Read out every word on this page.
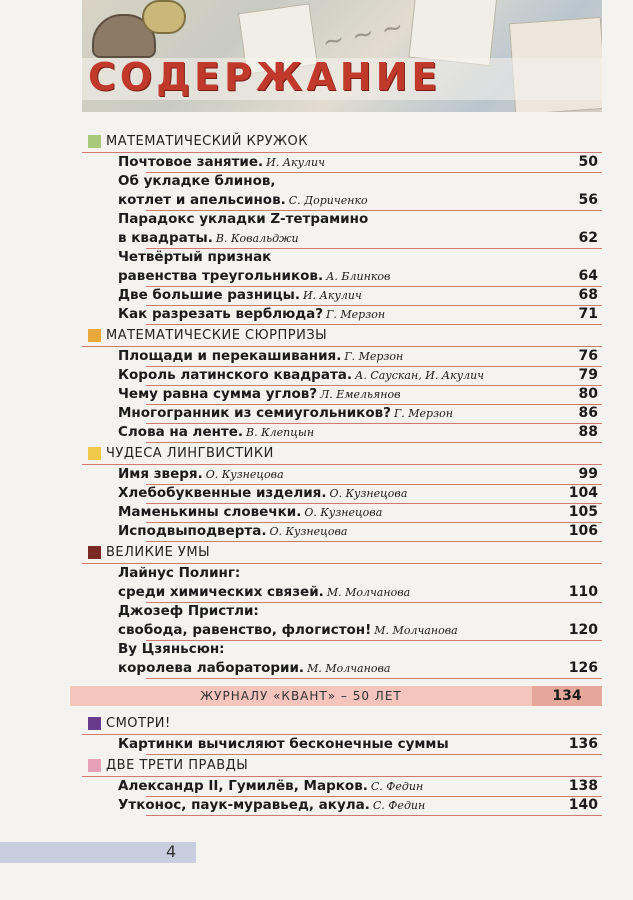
~ ~ ~
СОДЕРЖАНИЕ
МАТЕМАТИЧЕСКИЙ КРУЖОК
Почтовое занятие. И. Акулич	50
Об укладке блинов,
котлет и апельсинов. С. Дориченко	56
Парадокс укладки Z-тетрамино
в квадраты. В. Ковальджи	62
Четвёртый признак
равенства треугольников. А. Блинков	64
Две большие разницы. И. Акулич	68
Как разрезать верблюда? Г. Мерзон	71
МАТЕМАТИЧЕСКИЕ СЮРПРИЗЫ
Площади и перекашивания. Г. Мерзон	76
Король латинского квадрата. А. Саускан, И. Акулич	79
Чему равна сумма углов? Л. Емельянов	80
Многогранник из семиугольников? Г. Мерзон	86
Слова на ленте. В. Клепцын	88
ЧУДЕСА ЛИНГВИСТИКИ
Имя зверя. О. Кузнецова	99
Хлебобуквенные изделия. О. Кузнецова	104
Маменькины словечки. О. Кузнецова	105
Исподвыподверта. О. Кузнецова	106
ВЕЛИКИЕ УМЫ
Лайнус Полинг:
среди химических связей. М. Молчанова	110
Джозеф Пристли:
свобода, равенство, флогистон! М. Молчанова	120
Ву Цзяньсюн:
королева лаборатории. М. Молчанова	126
ЖУРНАЛУ «КВАНТ» – 50 ЛЕТ	134
СМОТРИ!
Картинки вычисляют бесконечные суммы	136
ДВЕ ТРЕТИ ПРАВДЫ
Александр II, Гумилёв, Марков. С. Федин	138
Утконос, паук-муравьед, акула. С. Федин	140
4
